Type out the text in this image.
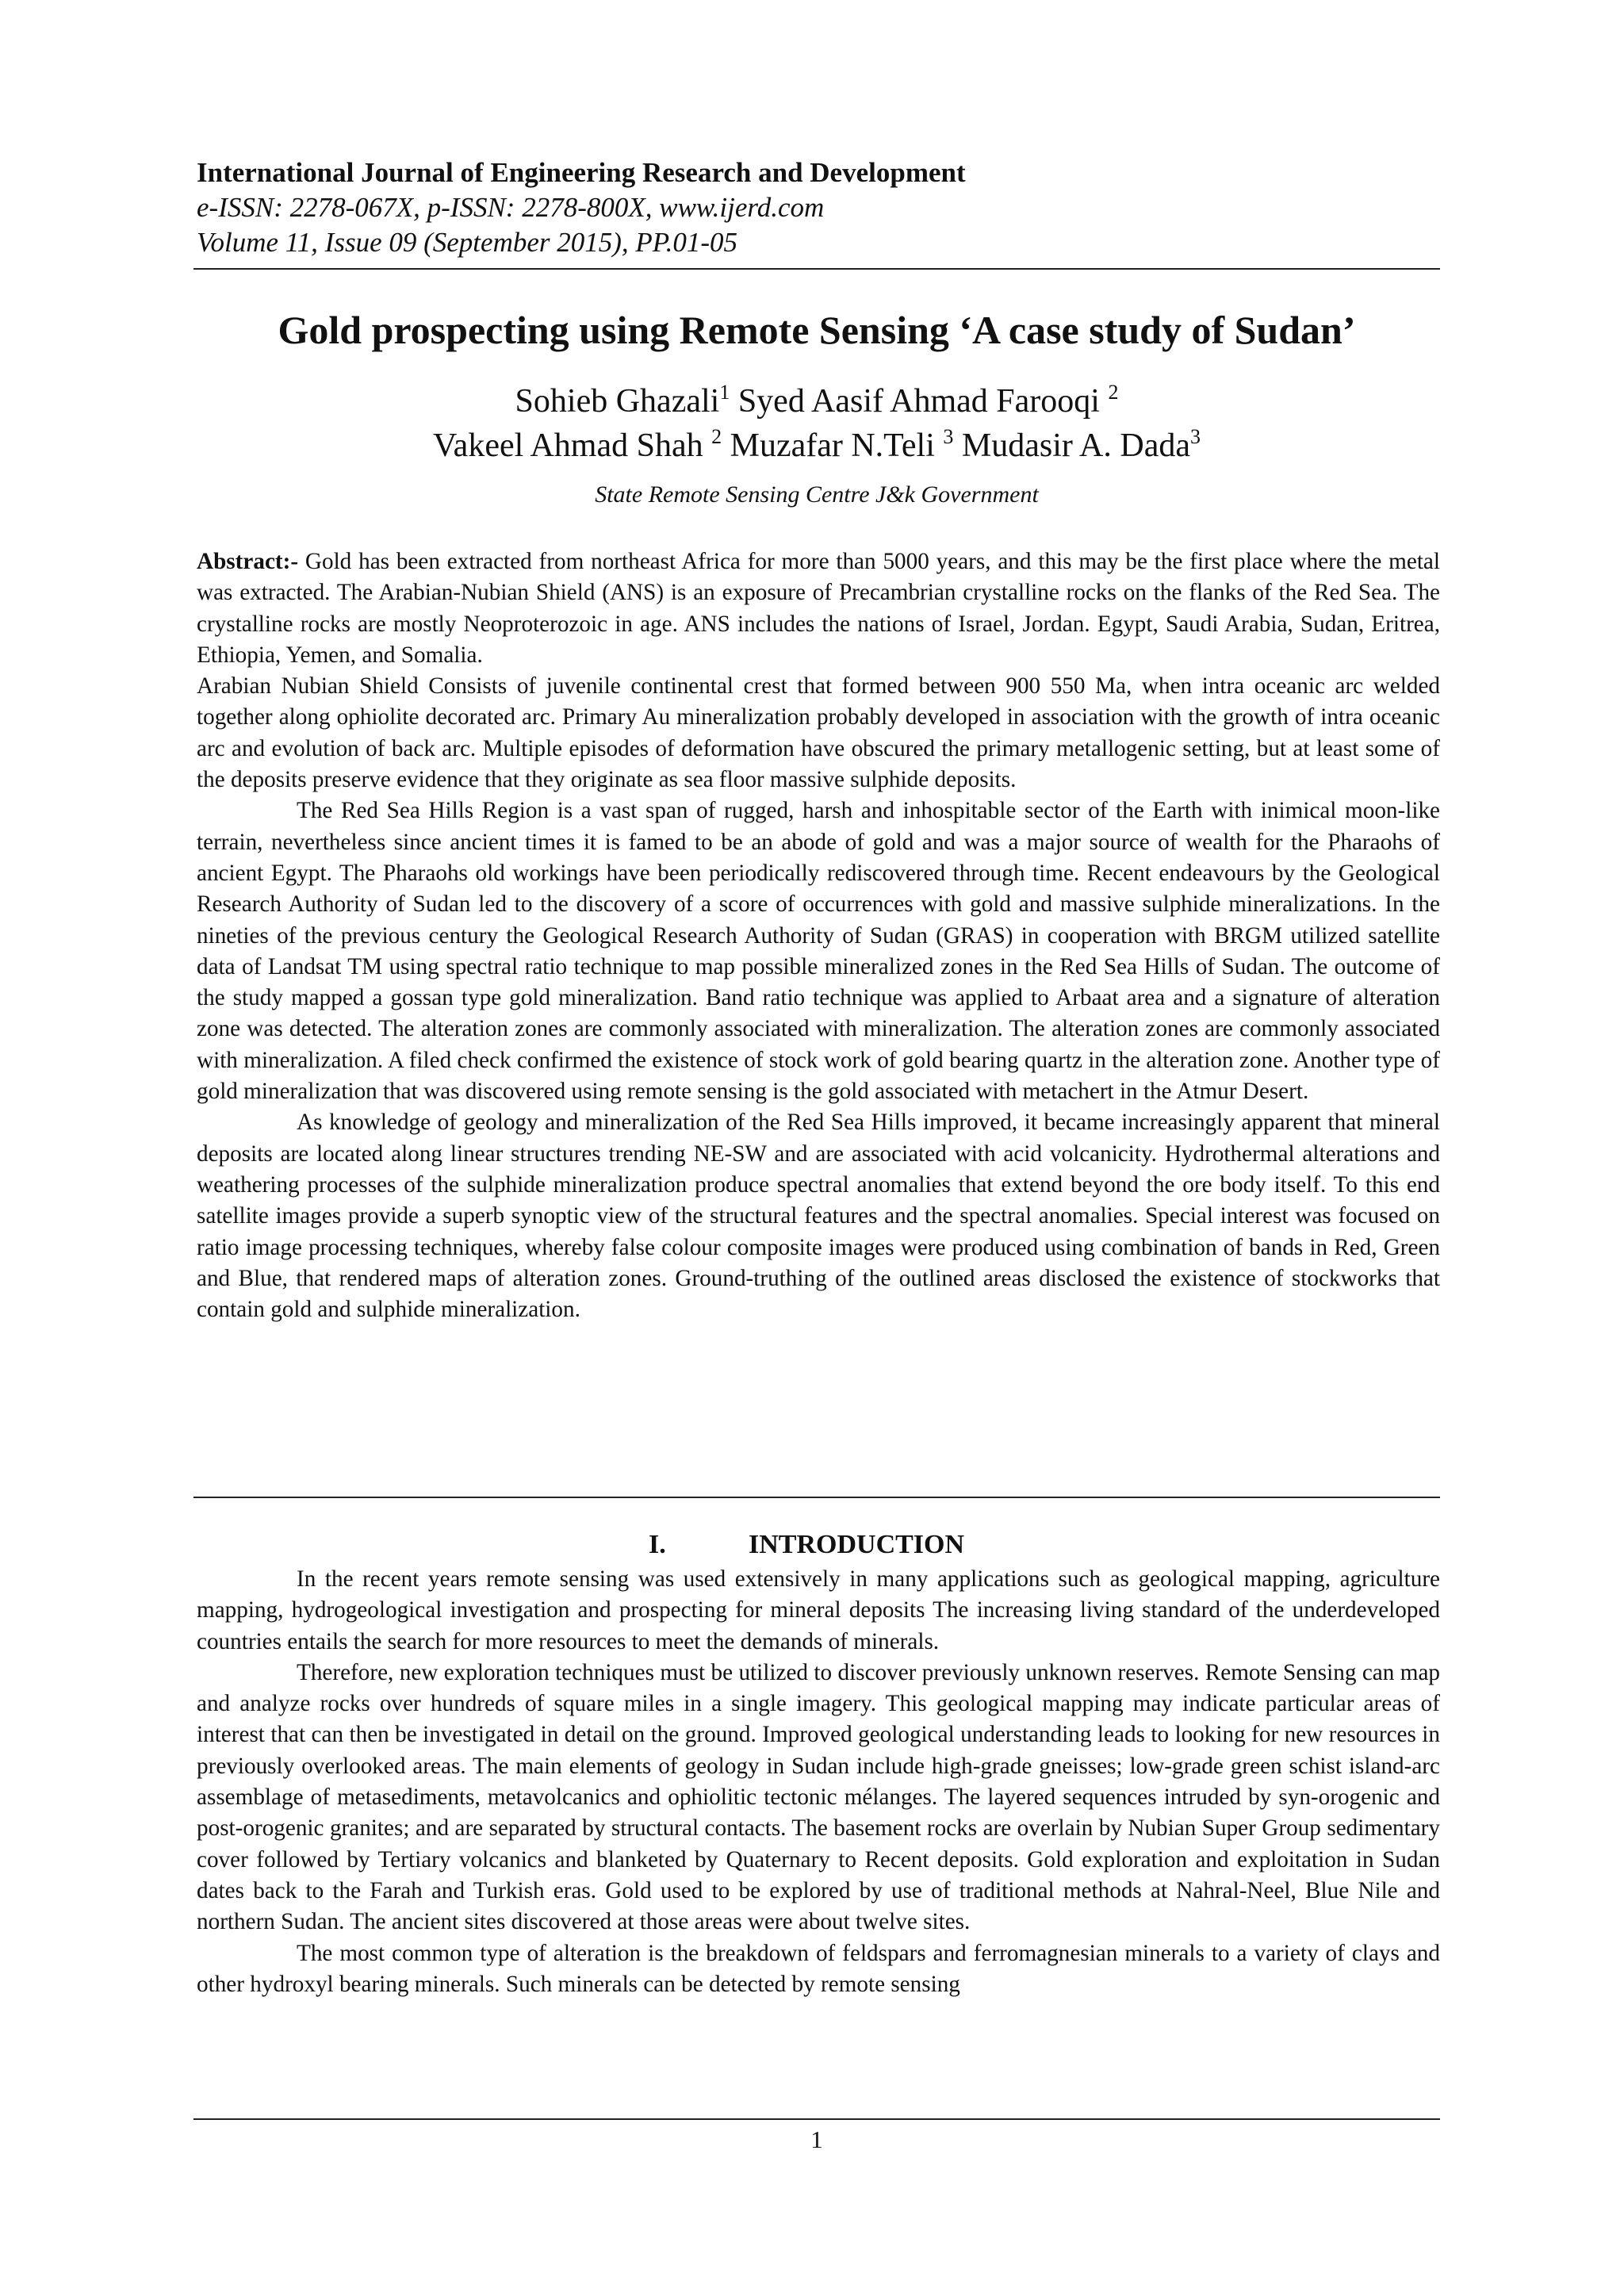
International Journal of Engineering Research and Development
e-ISSN: 2278-067X, p-ISSN: 2278-800X, www.ijerd.com
Volume 11, Issue 09 (September 2015), PP.01-05
Gold prospecting using Remote Sensing ‘A case study of Sudan’
Sohieb Ghazali$^1$ Syed Aasif Ahmad Farooqi $^2$
Vakeel Ahmad Shah $^2$ Muzafar N.Teli $^3$ Mudasir A. Dada$^3$
State Remote Sensing Centre J&k Government

Abstract:- Gold has been extracted from northeast Africa for more than 5000 years, and this may be the first place where the metal was extracted. The Arabian-Nubian Shield (ANS) is an exposure of Precambrian crystalline rocks on the flanks of the Red Sea. The crystalline rocks are mostly Neoproterozoic in age. ANS includes the nations of Israel, Jordan. Egypt, Saudi Arabia, Sudan, Eritrea, Ethiopia, Yemen, and Somalia.

Arabian Nubian Shield Consists of juvenile continental crest that formed between 900 550 Ma, when intra oceanic arc welded together along ophiolite decorated arc. Primary Au mineralization probably developed in association with the growth of intra oceanic arc and evolution of back arc. Multiple episodes of deformation have obscured the primary metallogenic setting, but at least some of the deposits preserve evidence that they originate as sea floor massive sulphide deposits.

The Red Sea Hills Region is a vast span of rugged, harsh and inhospitable sector of the Earth with inimical moon-like terrain, nevertheless since ancient times it is famed to be an abode of gold and was a major source of wealth for the Pharaohs of ancient Egypt. The Pharaohs old workings have been periodically rediscovered through time. Recent endeavours by the Geological Research Authority of Sudan led to the discovery of a score of occurrences with gold and massive sulphide mineralizations. In the nineties of the previous century the Geological Research Authority of Sudan (GRAS) in cooperation with BRGM utilized satellite data of Landsat TM using spectral ratio technique to map possible mineralized zones in the Red Sea Hills of Sudan. The outcome of the study mapped a gossan type gold mineralization. Band ratio technique was applied to Arbaat area and a signature of alteration zone was detected. The alteration zones are commonly associated with mineralization. The alteration zones are commonly associated with mineralization. A filed check confirmed the existence of stock work of gold bearing quartz in the alteration zone. Another type of gold mineralization that was discovered using remote sensing is the gold associated with metachert in the Atmur Desert.

As knowledge of geology and mineralization of the Red Sea Hills improved, it became increasingly apparent that mineral deposits are located along linear structures trending NE-SW and are associated with acid volcanicity. Hydrothermal alterations and weathering processes of the sulphide mineralization produce spectral anomalies that extend beyond the ore body itself. To this end satellite images provide a superb synoptic view of the structural features and the spectral anomalies. Special interest was focused on ratio image processing techniques, whereby false colour composite images were produced using combination of bands in Red, Green and Blue, that rendered maps of alteration zones. Ground-truthing of the outlined areas disclosed the existence of stockworks that contain gold and sulphide mineralization.

I.	INTRODUCTION

In the recent years remote sensing was used extensively in many applications such as geological mapping, agriculture mapping, hydrogeological investigation and prospecting for mineral deposits The increasing living standard of the underdeveloped countries entails the search for more resources to meet the demands of minerals.

Therefore, new exploration techniques must be utilized to discover previously unknown reserves. Remote Sensing can map and analyze rocks over hundreds of square miles in a single imagery. This geological mapping may indicate particular areas of interest that can then be investigated in detail on the ground. Improved geological understanding leads to looking for new resources in previously overlooked areas. The main elements of geology in Sudan include high-grade gneisses; low-grade green schist island-arc assemblage of metasediments, metavolcanics and ophiolitic tectonic mélanges. The layered sequences intruded by syn-orogenic and post-orogenic granites; and are separated by structural contacts. The basement rocks are overlain by Nubian Super Group sedimentary cover followed by Tertiary volcanics and blanketed by Quaternary to Recent deposits. Gold exploration and exploitation in Sudan dates back to the Farah and Turkish eras. Gold used to be explored by use of traditional methods at Nahral-Neel, Blue Nile and northern Sudan. The ancient sites discovered at those areas were about twelve sites.

The most common type of alteration is the breakdown of feldspars and ferromagnesian minerals to a variety of clays and other hydroxyl bearing minerals. Such minerals can be detected by remote sensing

1
